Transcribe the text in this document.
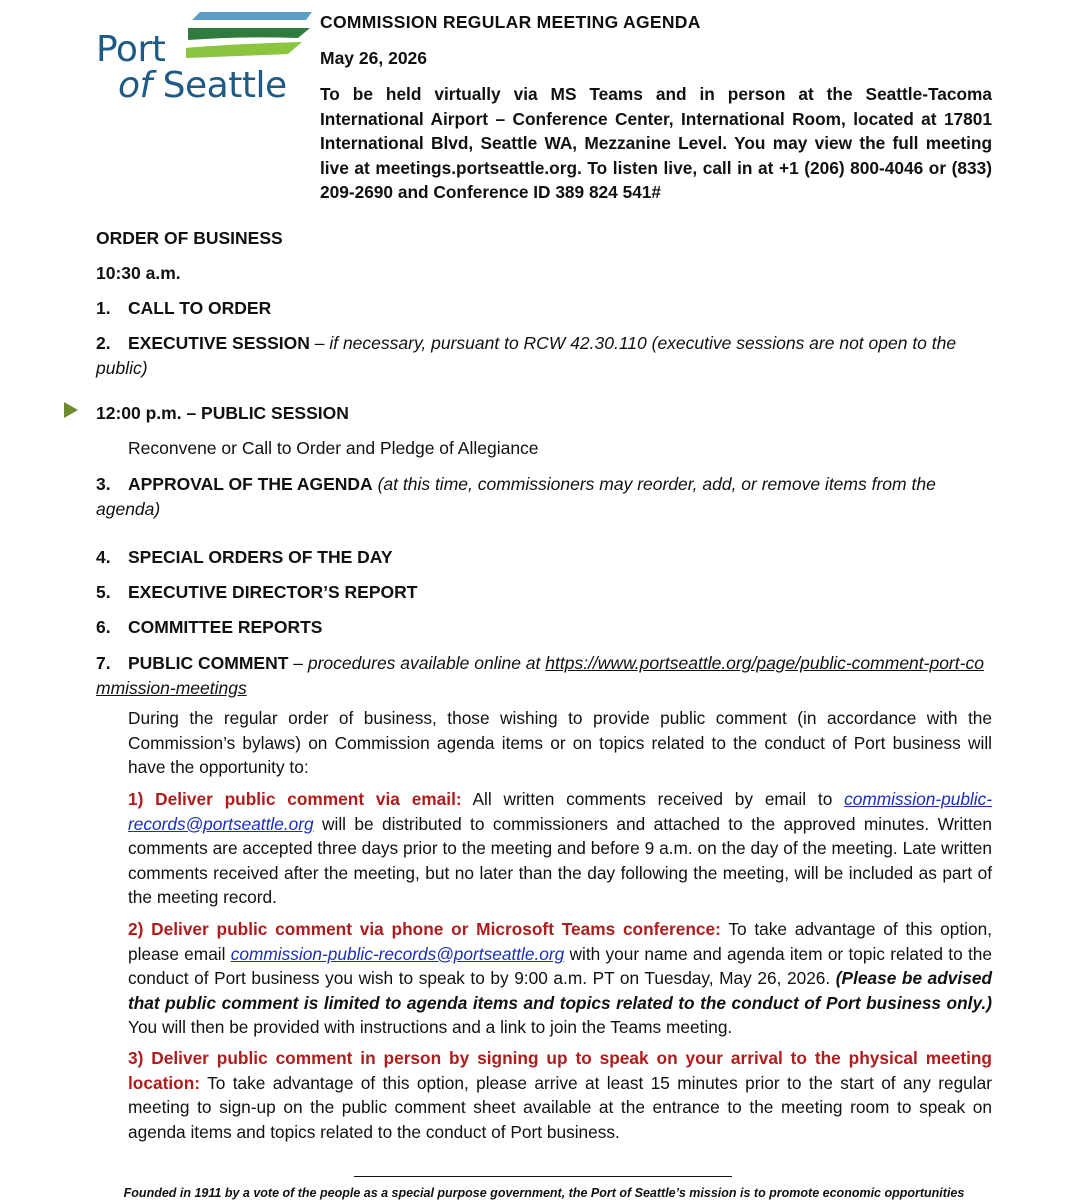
Port
of Seattle
COMMISSION REGULAR MEETING AGENDA
May 26, 2026
To be held virtually via MS Teams and in person at the Seattle-Tacoma International Airport – Conference Center, International Room, located at 17801 International Blvd, Seattle WA, Mezzanine Level. You may view the full meeting live at meetings.portseattle.org. To listen live, call in at +1 (206) 800-4046 or (833) 209-2690 and Conference ID 389 824 541#
ORDER OF BUSINESS
10:30 a.m.
1. CALL TO ORDER
2. EXECUTIVE SESSION – if necessary, pursuant to RCW 42.30.110 (executive sessions are not open to the public)
12:00 p.m. – PUBLIC SESSION
Reconvene or Call to Order and Pledge of Allegiance
3. APPROVAL OF THE AGENDA (at this time, commissioners may reorder, add, or remove items from the agenda)
4. SPECIAL ORDERS OF THE DAY
5. EXECUTIVE DIRECTOR’S REPORT
6. COMMITTEE REPORTS
7. PUBLIC COMMENT – procedures available online at https://www.portseattle.org/page/public-comment-port-commission-meetings
During the regular order of business, those wishing to provide public comment (in accordance with the Commission’s bylaws) on Commission agenda items or on topics related to the conduct of Port business will have the opportunity to:
1) Deliver public comment via email: All written comments received by email to commission-public-records@portseattle.org will be distributed to commissioners and attached to the approved minutes. Written comments are accepted three days prior to the meeting and before 9 a.m. on the day of the meeting. Late written comments received after the meeting, but no later than the day following the meeting, will be included as part of the meeting record.
2) Deliver public comment via phone or Microsoft Teams conference: To take advantage of this option, please email commission-public-records@portseattle.org with your name and agenda item or topic related to the conduct of Port business you wish to speak to by 9:00 a.m. PT on Tuesday, May 26, 2026. (Please be advised that public comment is limited to agenda items and topics related to the conduct of Port business only.) You will then be provided with instructions and a link to join the Teams meeting.
3) Deliver public comment in person by signing up to speak on your arrival to the physical meeting location: To take advantage of this option, please arrive at least 15 minutes prior to the start of any regular meeting to sign-up on the public comment sheet available at the entrance to the meeting room to speak on agenda items and topics related to the conduct of Port business.
Founded in 1911 by a vote of the people as a special purpose government, the Port of Seattle’s mission is to promote economic opportunities
